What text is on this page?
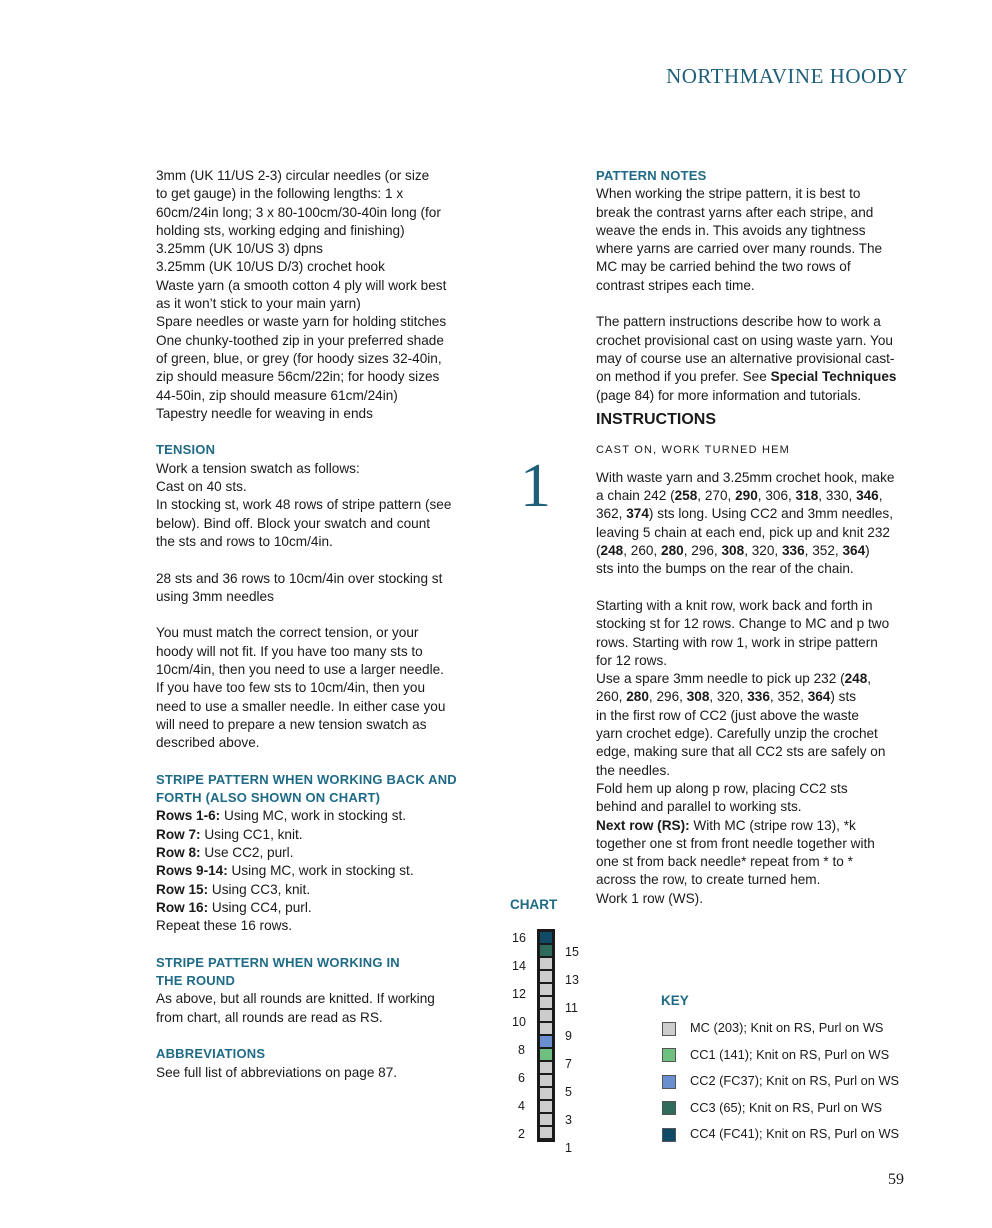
NORTHMAVINE HOODY
3mm (UK 11/US 2-3) circular needles (or size
to get gauge) in the following lengths: 1 x
60cm/24in long; 3 x 80-100cm/30-40in long (for
holding sts, working edging and finishing)
3.25mm (UK 10/US 3) dpns
3.25mm (UK 10/US D/3) crochet hook
Waste yarn (a smooth cotton 4 ply will work best
as it won’t stick to your main yarn)
Spare needles or waste yarn for holding stitches
One chunky-toothed zip in your preferred shade
of green, blue, or grey (for hoody sizes 32-40in,
zip should measure 56cm/22in; for hoody sizes
44-50in, zip should measure 61cm/24in)
Tapestry needle for weaving in ends
TENSION
Work a tension swatch as follows:
Cast on 40 sts.
In stocking st, work 48 rows of stripe pattern (see
below). Bind off. Block your swatch and count
the sts and rows to 10cm/4in.
28 sts and 36 rows to 10cm/4in over stocking st
using 3mm needles
You must match the correct tension, or your
hoody will not fit. If you have too many sts to
10cm/4in, then you need to use a larger needle.
If you have too few sts to 10cm/4in, then you
need to use a smaller needle. In either case you
will need to prepare a new tension swatch as
described above.
STRIPE PATTERN WHEN WORKING BACK AND
FORTH (ALSO SHOWN ON CHART)
Rows 1-6: Using MC, work in stocking st.
Row 7: Using CC1, knit.
Row 8: Use CC2, purl.
Rows 9-14: Using MC, work in stocking st.
Row 15: Using CC3, knit.
Row 16: Using CC4, purl.
Repeat these 16 rows.
STRIPE PATTERN WHEN WORKING IN
THE ROUND
As above, but all rounds are knitted. If working
from chart, all rounds are read as RS.
ABBREVIATIONS
See full list of abbreviations on page 87.
1
PATTERN NOTES
When working the stripe pattern, it is best to
break the contrast yarns after each stripe, and
weave the ends in. This avoids any tightness
where yarns are carried over many rounds. The
MC may be carried behind the two rows of
contrast stripes each time.
The pattern instructions describe how to work a
crochet provisional cast on using waste yarn. You
may of course use an alternative provisional cast-
on method if you prefer. See Special Techniques
(page 84) for more information and tutorials.
INSTRUCTIONS
CAST ON, WORK TURNED HEM
With waste yarn and 3.25mm crochet hook, make
a chain 242 (258, 270, 290, 306, 318, 330, 346,
362, 374) sts long. Using CC2 and 3mm needles,
leaving 5 chain at each end, pick up and knit 232
(248, 260, 280, 296, 308, 320, 336, 352, 364)
sts into the bumps on the rear of the chain.
Starting with a knit row, work back and forth in
stocking st for 12 rows. Change to MC and p two
rows. Starting with row 1, work in stripe pattern
for 12 rows.
Use a spare 3mm needle to pick up 232 (248,
260, 280, 296, 308, 320, 336, 352, 364) sts
in the first row of CC2 (just above the waste
yarn crochet edge). Carefully unzip the crochet
edge, making sure that all CC2 sts are safely on
the needles.
Fold hem up along p row, placing CC2 sts
behind and parallel to working sts.
Next row (RS): With MC (stripe row 13), *k
together one st from front needle together with
one st from back needle* repeat from * to *
across the row, to create turned hem.
Work 1 row (WS).
CHART
16
14
12
10
8
6
4
2
15
13
11
9
7
5
3
1
KEY
MC (203); Knit on RS, Purl on WS
CC1 (141); Knit on RS, Purl on WS
CC2 (FC37); Knit on RS, Purl on WS
CC3 (65); Knit on RS, Purl on WS
CC4 (FC41); Knit on RS, Purl on WS
59
